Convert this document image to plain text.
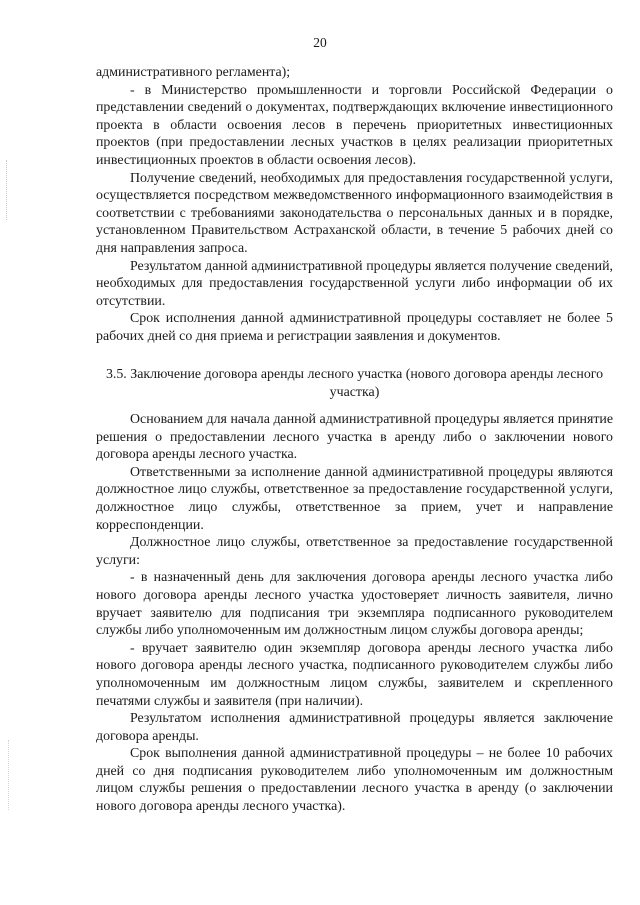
20

административного регламента);

- в Министерство промышленности и торговли Российской Федерации о представлении сведений о документах, подтверждающих включение инвестиционного проекта в области освоения лесов в перечень приоритетных инвестиционных проектов (при предоставлении лесных участков в целях реализации приоритетных инвестиционных проектов в области освоения лесов).

Получение сведений, необходимых для предоставления государственной услуги, осуществляется посредством межведомственного информационного взаимодействия в соответствии с требованиями законодательства о персональных данных и в порядке, установленном Правительством Астраханской области, в течение 5 рабочих дней со дня направления запроса.

Результатом данной административной процедуры является получение сведений, необходимых для предоставления государственной услуги либо информации об их отсутствии.

Срок исполнения данной административной процедуры составляет не более 5 рабочих дней со дня приема и регистрации заявления и документов.

3.5. Заключение договора аренды лесного участка (нового договора аренды лесного участка)

Основанием для начала данной административной процедуры является принятие решения о предоставлении лесного участка в аренду либо о заключении нового договора аренды лесного участка.

Ответственными за исполнение данной административной процедуры являются должностное лицо службы, ответственное за предоставление государственной услуги, должностное лицо службы, ответственное за прием, учет и направление корреспонденции.

Должностное лицо службы, ответственное за предоставление государственной услуги:

- в назначенный день для заключения договора аренды лесного участка либо нового договора аренды лесного участка удостоверяет личность заявителя, лично вручает заявителю для подписания три экземпляра подписанного руководителем службы либо уполномоченным им должностным лицом службы договора аренды;

- вручает заявителю один экземпляр договора аренды лесного участка либо нового договора аренды лесного участка, подписанного руководителем службы либо уполномоченным им должностным лицом службы, заявителем и скрепленного печатями службы и заявителя (при наличии).

Результатом исполнения административной процедуры является заключение договора аренды.

Срок выполнения данной административной процедуры – не более 10 рабочих дней со дня подписания руководителем либо уполномоченным им должностным лицом службы решения о предоставлении лесного участка в аренду (о заключении нового договора аренды лесного участка).
